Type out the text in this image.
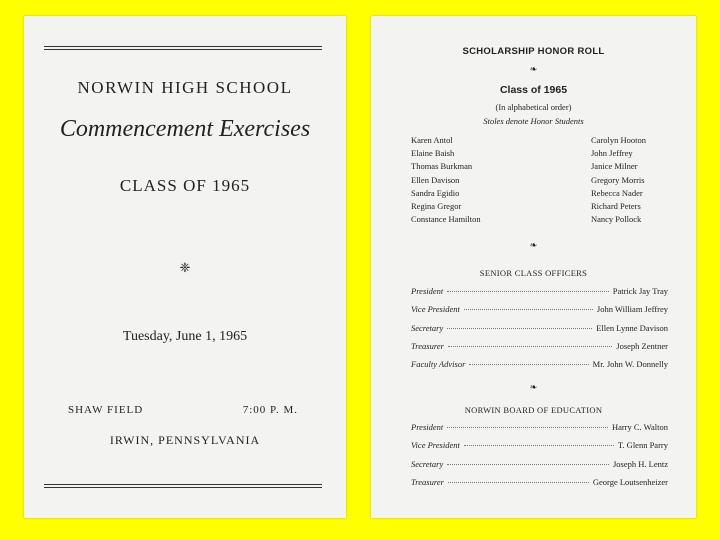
NORWIN HIGH SCHOOL
Commencement Exercises
CLASS OF 1965
❈
Tuesday, June 1, 1965
SHAW FIELD	7:00 P. M.
IRWIN, PENNSYLVANIA
SCHOLARSHIP HONOR ROLL
❧
Class of 1965
(In alphabetical order)
Stoles denote Honor Students
Karen Antol
Elaine Baish
Thomas Burkman
Ellen Davison
Sandra Egidio
Regina Gregor
Constance Hamilton
Carolyn Hooton
John Jeffrey
Janice Milner
Gregory Morris
Rebecca Nader
Richard Peters
Nancy Pollock
❧
SENIOR CLASS OFFICERS
President	Patrick Jay Tray
Vice President	John William Jeffrey
Secretary	Ellen Lynne Davison
Treasurer	Joseph Zentner
Faculty Advisor	Mr. John W. Donnelly
❧
NORWIN BOARD OF EDUCATION
President	Harry C. Walton
Vice President	T. Glenn Parry
Secretary	Joseph H. Lentz
Treasurer	George Loutsenheizer
